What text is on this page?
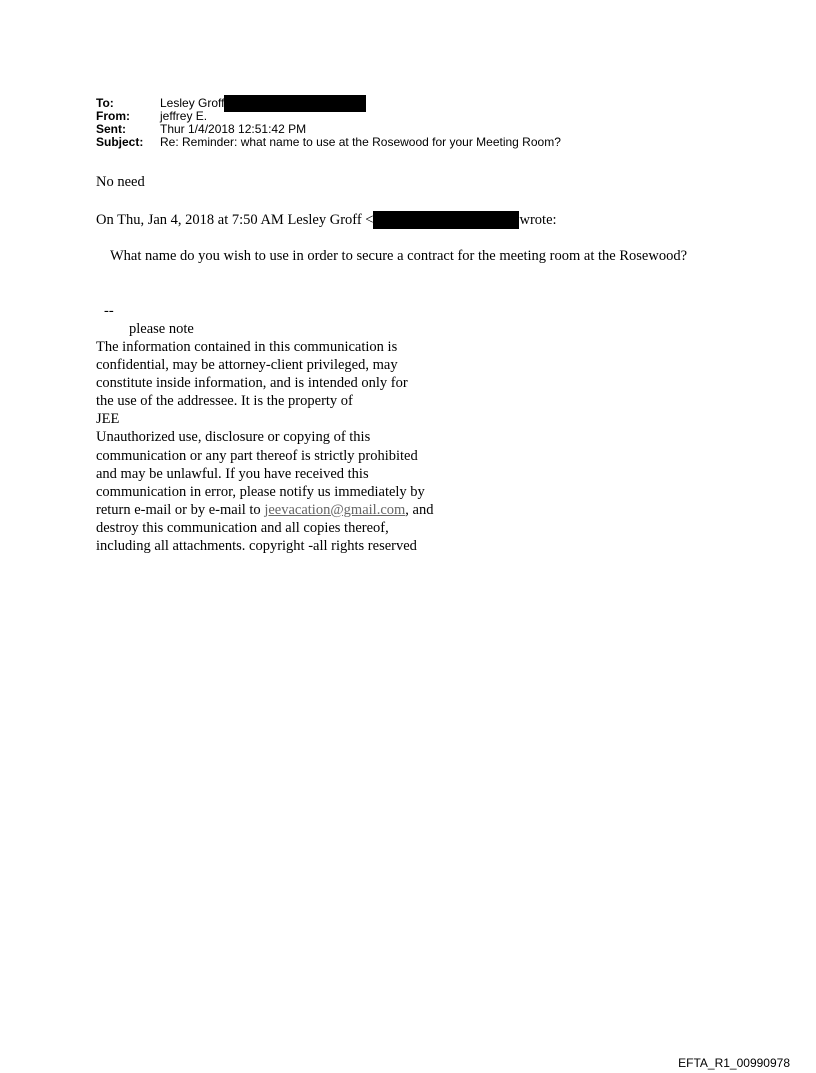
To:	Lesley Groff
From:	jeffrey E.
Sent:	Thur 1/4/2018 12:51:42 PM
Subject:	Re: Reminder: what name to use at the Rosewood for your Meeting Room?
No need
On Thu, Jan 4, 2018 at 7:50 AM Lesley Groff <	wrote:
What name do you wish to use in order to secure a contract for the meeting room at the Rosewood?
--
please note
The information contained in this communication is
confidential, may be attorney-client privileged, may
constitute inside information, and is intended only for
the use of the addressee. It is the property of
JEE
Unauthorized use, disclosure or copying of this
communication or any part thereof is strictly prohibited
and may be unlawful. If you have received this
communication in error, please notify us immediately by
return e-mail or by e-mail to jeevacation@gmail.com, and
destroy this communication and all copies thereof,
including all attachments. copyright -all rights reserved
EFTA_R1_00990978
